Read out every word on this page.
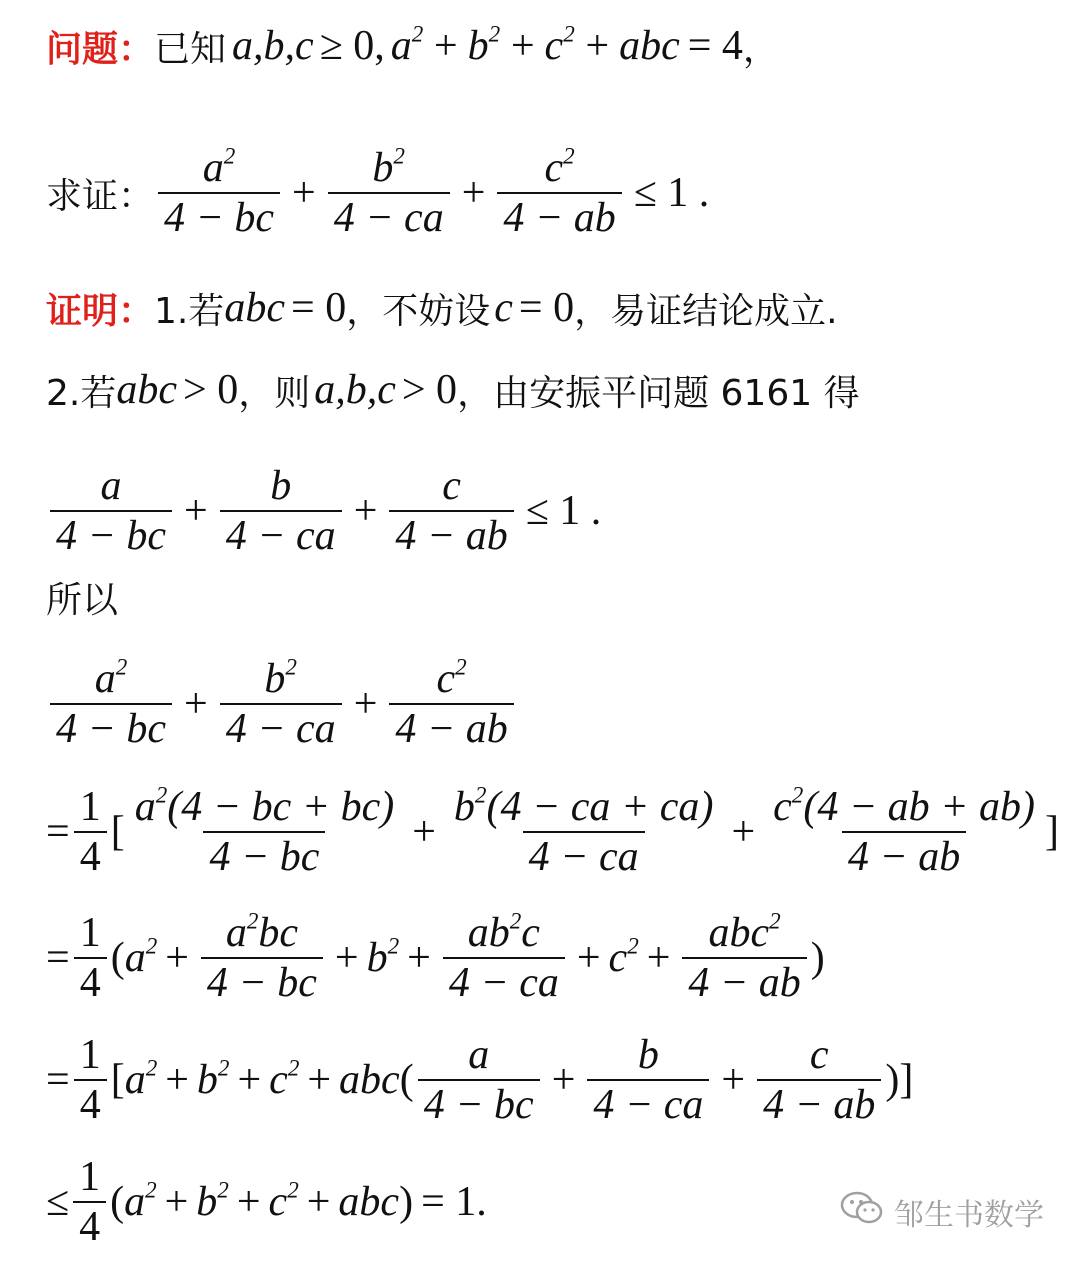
问题： 已知 a,b,c ≥ 0, $a^2 + b^2 + c^2$ + abc = 4 ，
求证： $\frac{a^2}{4 - bc} + \frac{b^2}{4 - ca} + \frac{c^2}{4 - ab} \le 1$ .
证明： 1.若 abc = 0 ，不妨设 c = 0 ，易证结论成立.
2.若 abc > 0 ，则 a,b,c > 0 ，由安振平问题 6161 得
$\frac{a}{4 - bc} + \frac{b}{4 - ca} + \frac{c}{4 - ab} \le 1$ .
所以
$\frac{a^2}{4 - bc} + \frac{b^2}{4 - ca} + \frac{c^2}{4 - ab}$
= $\frac{1}{4}$ [ $\frac{a^2(4 - bc + bc)}{4 - bc} + \frac{b^2(4 - ca + ca)}{4 - ca} + \frac{c^2(4 - ab + ab)}{4 - ab}$ ]
= $\frac{1}{4}$ ( $a^2 + \frac{a^2bc}{4 - bc} + b^2 + \frac{ab^2c}{4 - ca} + c^2 + \frac{abc^2}{4 - ab}$ )
= $\frac{1}{4}$ [ $a^2 + b^2 + c^2$ + abc ( $\frac{a}{4 - bc} + \frac{b}{4 - ca} + \frac{c}{4 - ab}$ )]
≤ $\frac{1}{4}$ ( $a^2 + b^2 + c^2$ + abc ) = 1.	邹生书数学
